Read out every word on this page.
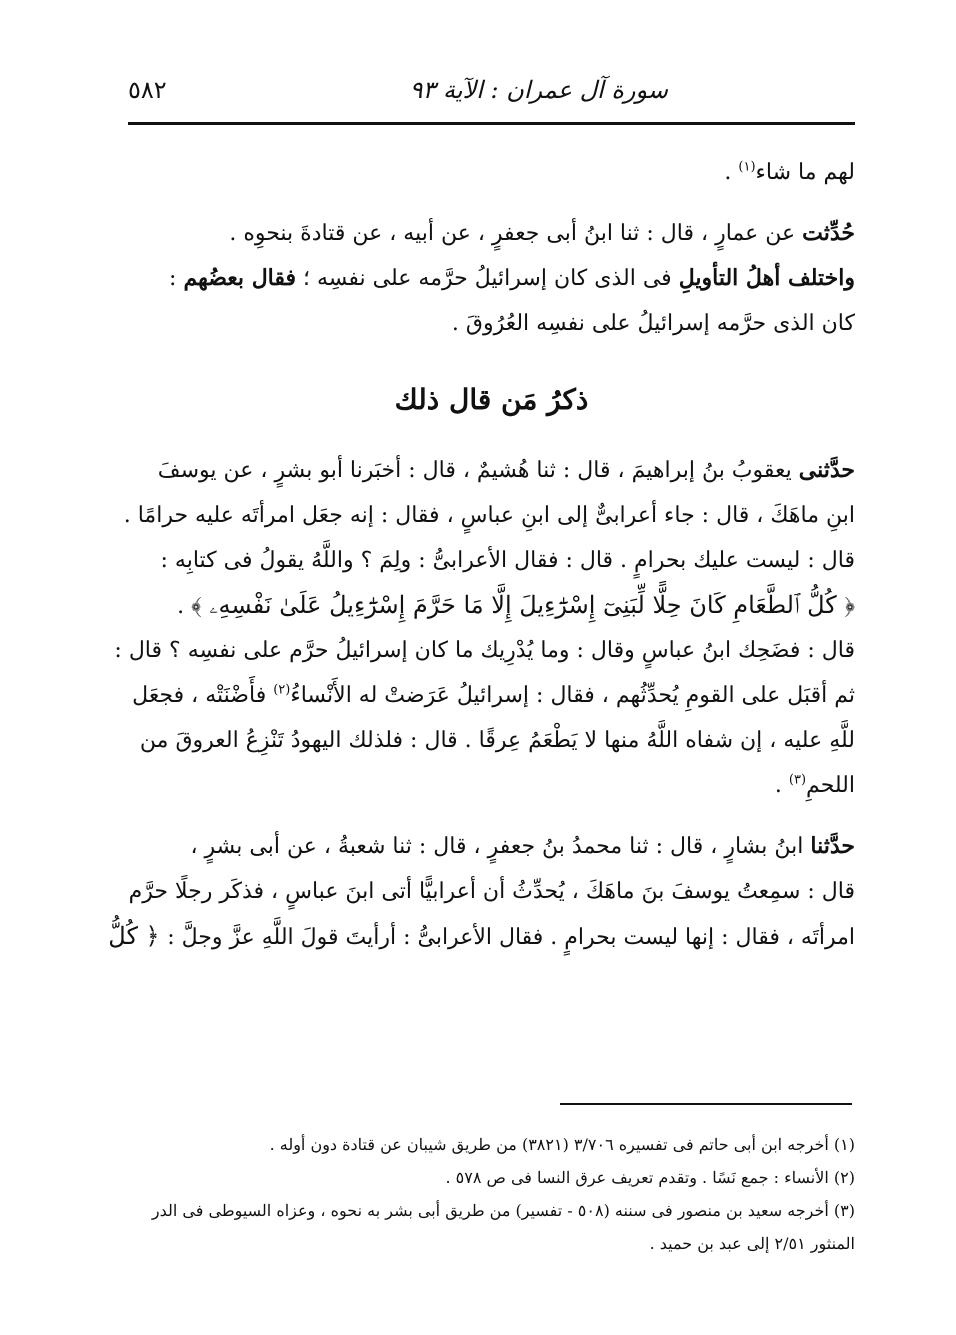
سورة آل عمران : الآية ٩٣
٥٨٢
لهم ما شاء$^{(١)}$ .
حُدِّثت عن عمارٍ ، قال : ثنا ابنُ أبى جعفرٍ ، عن أبيه ، عن قتادةَ بنحوِه .
واختلف أهلُ التأويلِ فى الذى كان إسرائيلُ حرَّمه على نفسِه ؛ فقال بعضُهم :
كان الذى حرَّمه إسرائيلُ على نفسِه العُرُوقَ .
ذكرُ مَن قال ذلك
حدَّثنى يعقوبُ بنُ إبراهيمَ ، قال : ثنا هُشيمٌ ، قال : أخبَرنا أبو بشرٍ ، عن يوسفَ
ابنِ ماهَكَ ، قال : جاء أعرابىٌّ إلى ابنِ عباسٍ ، فقال : إنه جعَل امرأتَه عليه حرامًا .
قال : ليست عليك بحرامٍ . قال : فقال الأعرابىُّ : ولِمَ ؟ واللَّهُ يقولُ فى كتابِه :
﴿ كُلُّ ٱلطَّعَامِ كَانَ حِلًّا لِّبَنِىٓ إِسْرَٰٓءِيلَ إِلَّا مَا حَرَّمَ إِسْرَٰٓءِيلُ عَلَىٰ نَفْسِهِۦ ﴾ .
قال : فضَحِك ابنُ عباسٍ وقال : وما يُدْرِيك ما كان إسرائيلُ حرَّم على نفسِه ؟ قال :
ثم أقبَل على القومِ يُحدِّثُهم ، فقال : إسرائيلُ عَرَضتْ له الأَنْساءُ$^{(٢)}$ فأَضْنَتْه ، فجعَل
للَّهِ عليه ، إن شفاه اللَّهُ منها لا يَطْعَمُ عِرقًا . قال : فلذلك اليهودُ تَنْزِعُ العروقَ من
اللحمِ$^{(٣)}$ .
حدَّثنا ابنُ بشارٍ ، قال : ثنا محمدُ بنُ جعفرٍ ، قال : ثنا شعبةُ ، عن أبى بشرٍ ،
قال : سمِعتُ يوسفَ بنَ ماهَكَ ، يُحدِّثُ أن أعرابيًّا أتى ابنَ عباسٍ ، فذكَر رجلًا حرَّم
امرأتَه ، فقال : إنها ليست بحرامٍ . فقال الأعرابىُّ : أرأيتَ قولَ اللَّهِ عزَّ وجلَّ : ﴿ كُلُّ
(١) أخرجه ابن أبى حاتم فى تفسيره ٣/٧٠٦ (٣٨٢١) من طريق شيبان عن قتادة دون أوله .
(٢) الأنساء : جمع نَسًا . وتقدم تعريف عرق النسا فى ص ٥٧٨ .
(٣) أخرجه سعيد بن منصور فى سننه (٥٠٨ - تفسير) من طريق أبى بشر به نحوه ، وعزاه السيوطى فى الدر
المنثور ٢/٥١ إلى عبد بن حميد .
